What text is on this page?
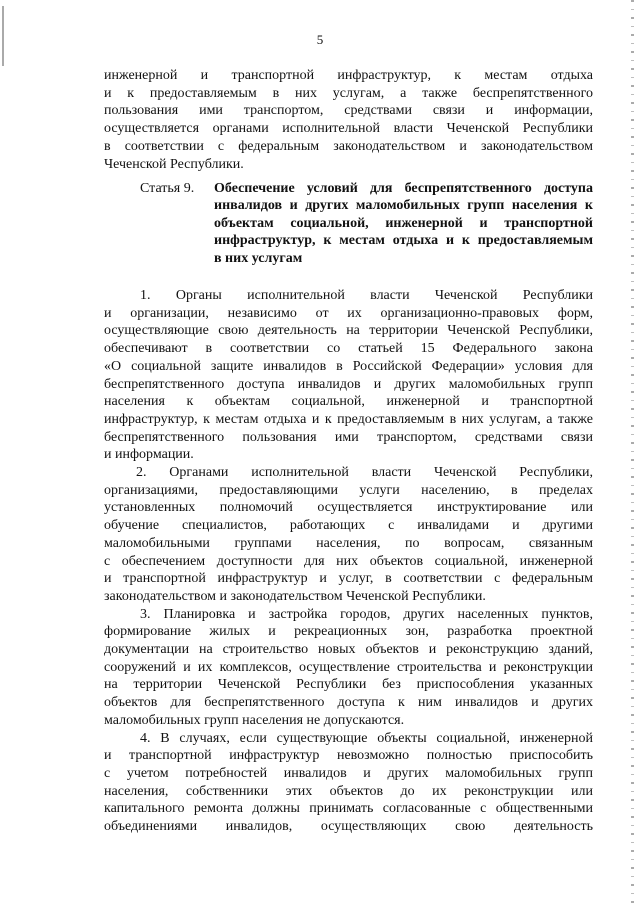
5
инженерной и транспортной инфраструктур, к местам отдыха
и к предоставляемым в них услугам, а также беспрепятственного
пользования ими транспортом, средствами связи и информации,
осуществляется органами исполнительной власти Чеченской Республики
в соответствии с федеральным законодательством и законодательством
Чеченской Республики.
Статья 9. Обеспечение условий для беспрепятственного доступа
инвалидов и других маломобильных групп населения к
объектам социальной, инженерной и транспортной
инфраструктур, к местам отдыха и к предоставляемым
в них услугам
1. Органы исполнительной власти Чеченской Республики
и организации, независимо от их организационно-правовых форм,
осуществляющие свою деятельность на территории Чеченской Республики,
обеспечивают в соответствии со статьей 15 Федерального закона
«О социальной защите инвалидов в Российской Федерации» условия для
беспрепятственного доступа инвалидов и других маломобильных групп
населения к объектам социальной, инженерной и транспортной
инфраструктур, к местам отдыха и к предоставляемым в них услугам, а также
беспрепятственного пользования ими транспортом, средствами связи
и информации.
2. Органами исполнительной власти Чеченской Республики,
организациями, предоставляющими услуги населению, в пределах
установленных полномочий осуществляется инструктирование или
обучение специалистов, работающих с инвалидами и другими
маломобильными группами населения, по вопросам, связанным
с обеспечением доступности для них объектов социальной, инженерной
и транспортной инфраструктур и услуг, в соответствии с федеральным
законодательством и законодательством Чеченской Республики.
3. Планировка и застройка городов, других населенных пунктов,
формирование жилых и рекреационных зон, разработка проектной
документации на строительство новых объектов и реконструкцию зданий,
сооружений и их комплексов, осуществление строительства и реконструкции
на территории Чеченской Республики без приспособления указанных
объектов для беспрепятственного доступа к ним инвалидов и других
маломобильных групп населения не допускаются.
4. В случаях, если существующие объекты социальной, инженерной
и транспортной инфраструктур невозможно полностью приспособить
с учетом потребностей инвалидов и других маломобильных групп
населения, собственники этих объектов до их реконструкции или
капитального ремонта должны принимать согласованные с общественными
объединениями инвалидов, осуществляющих свою деятельность
